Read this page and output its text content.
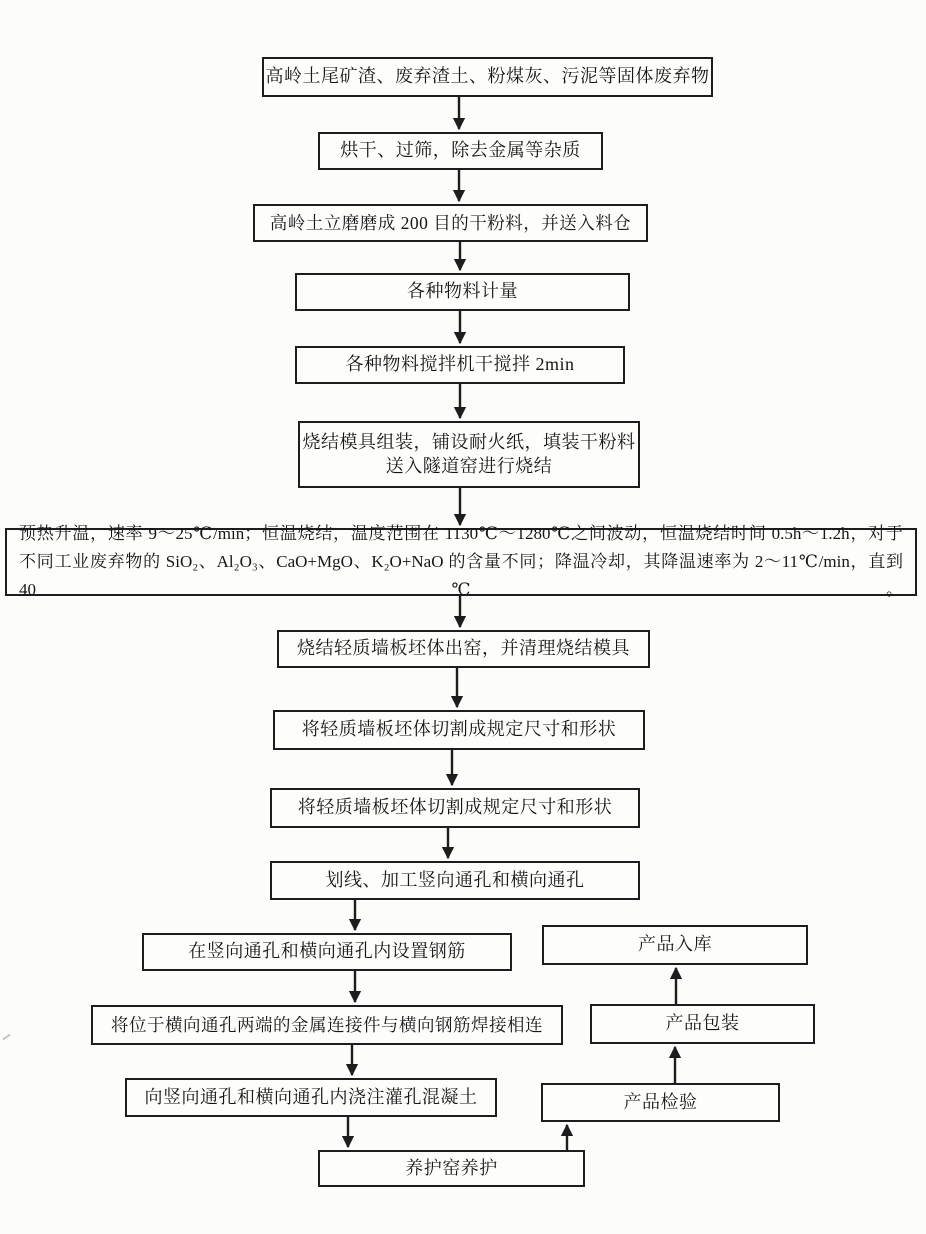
高岭土尾矿渣、废弃渣土、粉煤灰、污泥等固体废弃物
烘干、过筛，除去金属等杂质
高岭土立磨磨成 200 目的干粉料，并送入料仓
各种物料计量
各种物料搅拌机干搅拌 2min
烧结模具组装，铺设耐火纸，填装干粉料
送入隧道窑进行烧结
预热升温，速率 9～25℃/min；恒温烧结，温度范围在 1130℃～1280℃之间波动，恒温烧结时间 0.5h～1.2h，对于
不同工业废弃物的 SiO₂、Al₂O₃、CaO+MgO、K₂O+NaO 的含量不同；降温冷却，其降温速率为 2～11℃/min，直到 40℃。
烧结轻质墙板坯体出窑，并清理烧结模具
将轻质墙板坯体切割成规定尺寸和形状
将轻质墙板坯体切割成规定尺寸和形状
划线、加工竖向通孔和横向通孔
在竖向通孔和横向通孔内设置钢筋
将位于横向通孔两端的金属连接件与横向钢筋焊接相连
向竖向通孔和横向通孔内浇注灌孔混凝土
养护窑养护
产品入库
产品包装
产品检验
